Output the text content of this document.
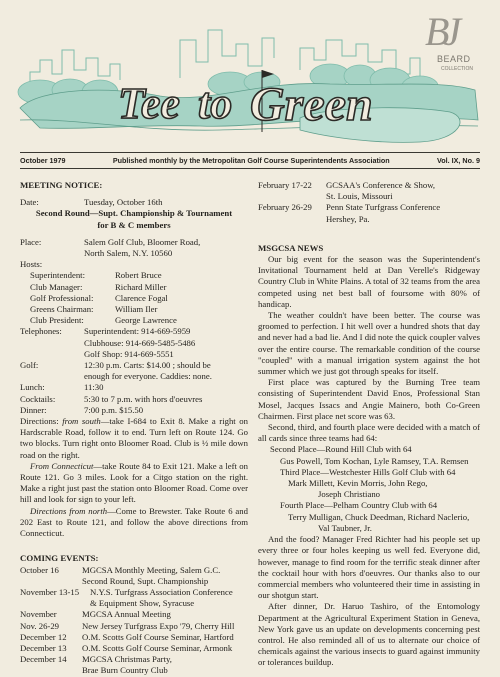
Tee to Green
BJ
BEARD
COLLECTION
October 1979	Published monthly by the Metropolitan Golf Course Superintendents Association	Vol. IX, No. 9

MEETING NOTICE:

Date:	Tuesday, October 16th
Second Round—Supt. Championship & Tournament
for B & C members
Place:	Salem Golf Club, Bloomer Road,
North Salem, N.Y. 10560
Hosts:
Superintendent:	Robert Bruce
Club Manager:	Richard Miller
Golf Professional:	Clarence Fogal
Greens Chairman:	William Iler
Club President:	George Lawrence
Telephones:	Superintendent: 914-669-5959
Clubhouse: 914-669-5485-5486
Golf Shop: 914-669-5551
Golf:	12:30 p.m. Carts: $14.00 ; should be
enough for everyone. Caddies: none.
Lunch:	11:30
Cocktails:	5:30 to 7 p.m. with hors d'oeuvres
Dinner:	7:00 p.m. $15.50
Directions: from south—take I-684 to Exit 8. Make a right on Hardscrable Road, follow it to end. Turn left on Route 124. Go two blocks. Turn right onto Bloomer Road. Club is ½ mile down road on the right.
From Connecticut—take Route 84 to Exit 121. Make a left on Route 121. Go 3 miles. Look for a Citgo station on the right. Make a right just past the station onto Bloomer Road. Come over hill and look for sign to your left.
Directions from north—Come to Brewster. Take Route 6 and 202 East to Route 121, and follow the above directions from Connecticut.

COMING EVENTS:

October 16	MGCSA Monthly Meeting, Salem G.C.
Second Round, Supt. Championship
November 13-15	N.Y.S. Turfgrass Association Conference
& Equipment Show, Syracuse
November	MGCSA Annual Meeting
Nov. 26-29	New Jersey Turfgrass Expo '79, Cherry Hill
December 12	O.M. Scotts Golf Course Seminar, Hartford
December 13	O.M. Scotts Golf Course Seminar, Armonk
December 14	MGCSA Christmas Party,
Brae Burn Country Club
February 17-22	GCSAA's Conference & Show,
St. Louis, Missouri
February 26-29	Penn State Turfgrass Conference
Hershey, Pa.

MSGCSA NEWS

Our big event for the season was the Superintendent's Invitational Tournament held at Dan Verelle's Ridgeway Country Club in White Plains. A total of 32 teams from the area competed using net best ball of foursome with 80% of handicap.
The weather couldn't have been better. The course was groomed to perfection. I hit well over a hundred shots that day and never had a bad lie. And I did note the quick coupler valves over the entire course. The remarkable condition of the course "coupled" with a manual irrigation system against the hot summer which we just got through speaks for itself.
First place was captured by the Burning Tree team consisting of Superintendent David Enos, Professional Stan Mosel, Jacques Issacs and Angie Mainero, both Co-Green Chairmen. First place net score was 63.
Second, third, and fourth place were decided with a match of all cards since three teams had 64:
Second Place—Round Hill Club with 64
Gus Powell, Tom Kochan, Lyle Ramsey, T.A. Remsen
Third Place—Westchester Hills Golf Club with 64
Mark Millett, Kevin Morris, John Rego,
Joseph Christiano
Fourth Place—Pelham Country Club with 64
Terry Mulligan, Chuck Deedman, Richard Naclerio,
Val Taubner, Jr.
And the food? Manager Fred Richter had his people set up every three or four holes keeping us well fed. Everyone did, however, manage to find room for the terrific steak dinner after the cocktail hour with hors d'oeuvres. Our thanks also to our commercial members who volunteered their time in assisting in our shotgun start.
After dinner, Dr. Haruo Tashiro, of the Entomology Department at the Agricultural Experiment Station in Geneva, New York gave us an update on developments concerning pest control. He also reminded all of us to alternate our choice of chemicals against the various insects to guard against immunity or tolerances buildup.
